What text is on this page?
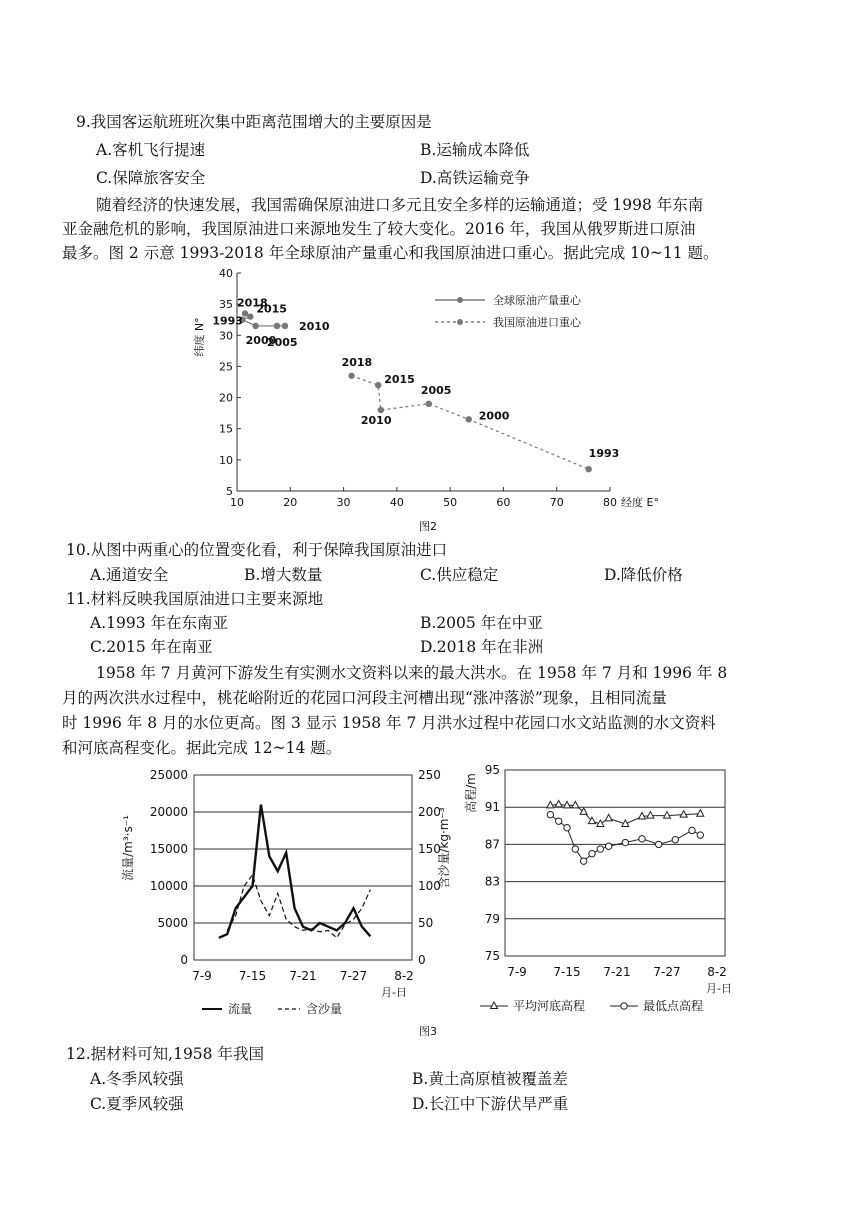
9.我国客运航班班次集中距离范围增大的主要原因是
A.客机飞行提速	B.运输成本降低
C.保障旅客安全	D.高铁运输竞争
随着经济的快速发展，我国需确保原油进口多元且安全多样的运输通道；受 1998 年东南
亚金融危机的影响，我国原油进口来源地发生了较大变化。2016 年，我国从俄罗斯进口原油
最多。图 2 示意 1993-2018 年全球原油产量重心和我国原油进口重心。据此完成 10~11 题。
5
10
15
20
25
30
35
40
10	20	30	40	50	60	70	80 经度 E°
纬度 N°
图2
全球原油产量重心
我国原油进口重心
1993
2000
2005
2010
2015
2018
1993
2000
2005
2010
2015
2018
10.从图中两重心的位置变化看，利于保障我国原油进口
A.通道安全	B.增大数量	C.供应稳定	D.降低价格
11.材料反映我国原油进口主要来源地
A.1993 年在东南亚	B.2005 年在中亚
C.2015 年在南亚	D.2018 年在非洲
1958 年 7 月黄河下游发生有实测水文资料以来的最大洪水。在 1958 年 7 月和 1996 年 8
月的两次洪水过程中，桃花峪附近的花园口河段主河槽出现“涨冲落淤”现象，且相同流量
时 1996 年 8 月的水位更高。图 3 显示 1958 年 7 月洪水过程中花园口水文站监测的水文资料
和河底高程变化。据此完成 12~14 题。
0
5000
10000
15000
20000
25000
0
50
100
150
200
250
7-9 7-15 7-21 7-27 8-2
月-日
流量/m³·s⁻¹	含沙量/kg·m⁻³
流量	含沙量
75
79
83
87
91
95
7-9 7-15 7-21 7-27 8-2
月-日
高程/m
平均河底高程	最低点高程
图3
12.据材料可知,1958 年我国
A.冬季风较强	B.黄土高原植被覆盖差
C.夏季风较强	D.长江中下游伏旱严重
